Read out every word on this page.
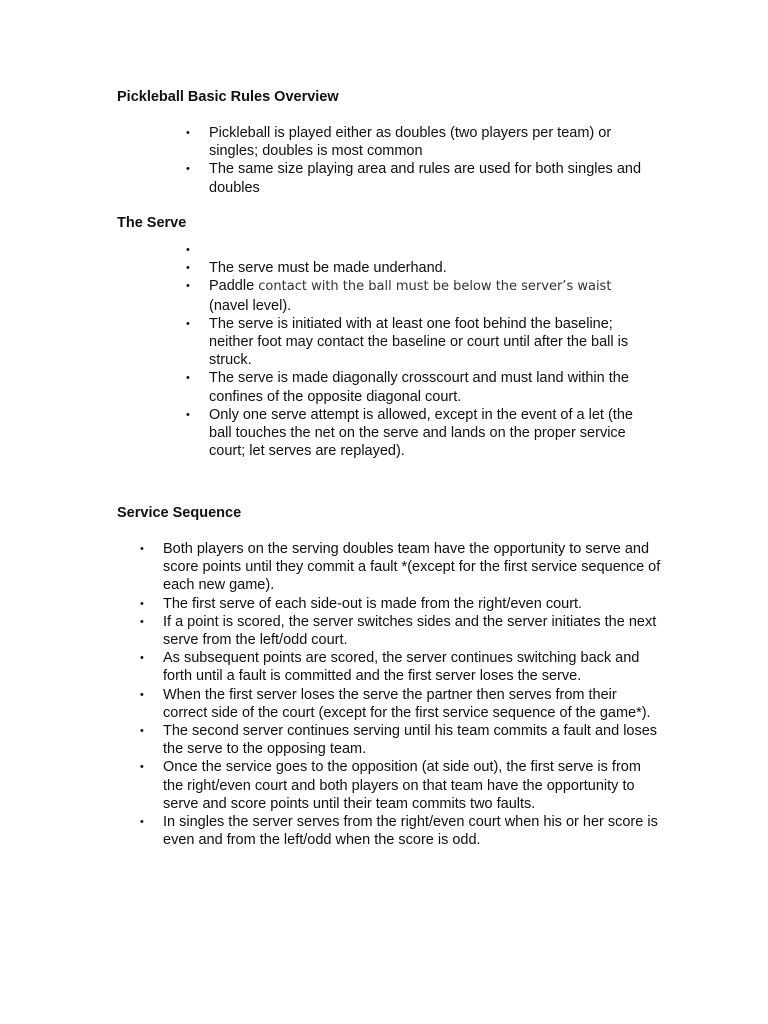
Pickleball Basic Rules Overview
• Pickleball is played either as doubles (two players per team) or singles; doubles is most common
• The same size playing area and rules are used for both singles and doubles
The Serve
•
• The serve must be made underhand.
• Paddle contact with the ball must be below the server’s waist
(navel level).
• The serve is initiated with at least one foot behind the baseline; neither foot may contact the baseline or court until after the ball is struck.
• The serve is made diagonally crosscourt and must land within the confines of the opposite diagonal court.
• Only one serve attempt is allowed, except in the event of a let (the ball touches the net on the serve and lands on the proper service court; let serves are replayed).
Service Sequence
• Both players on the serving doubles team have the opportunity to serve and score points until they commit a fault *(except for the first service sequence of each new game).
• The first serve of each side-out is made from the right/even court.
• If a point is scored, the server switches sides and the server initiates the next serve from the left/odd court.
• As subsequent points are scored, the server continues switching back and forth until a fault is committed and the first server loses the serve.
• When the first server loses the serve the partner then serves from their correct side of the court (except for the first service sequence of the game*).
• The second server continues serving until his team commits a fault and loses the serve to the opposing team.
• Once the service goes to the opposition (at side out), the first serve is from the right/even court and both players on that team have the opportunity to serve and score points until their team commits two faults.
• In singles the server serves from the right/even court when his or her score is even and from the left/odd when the score is odd.
